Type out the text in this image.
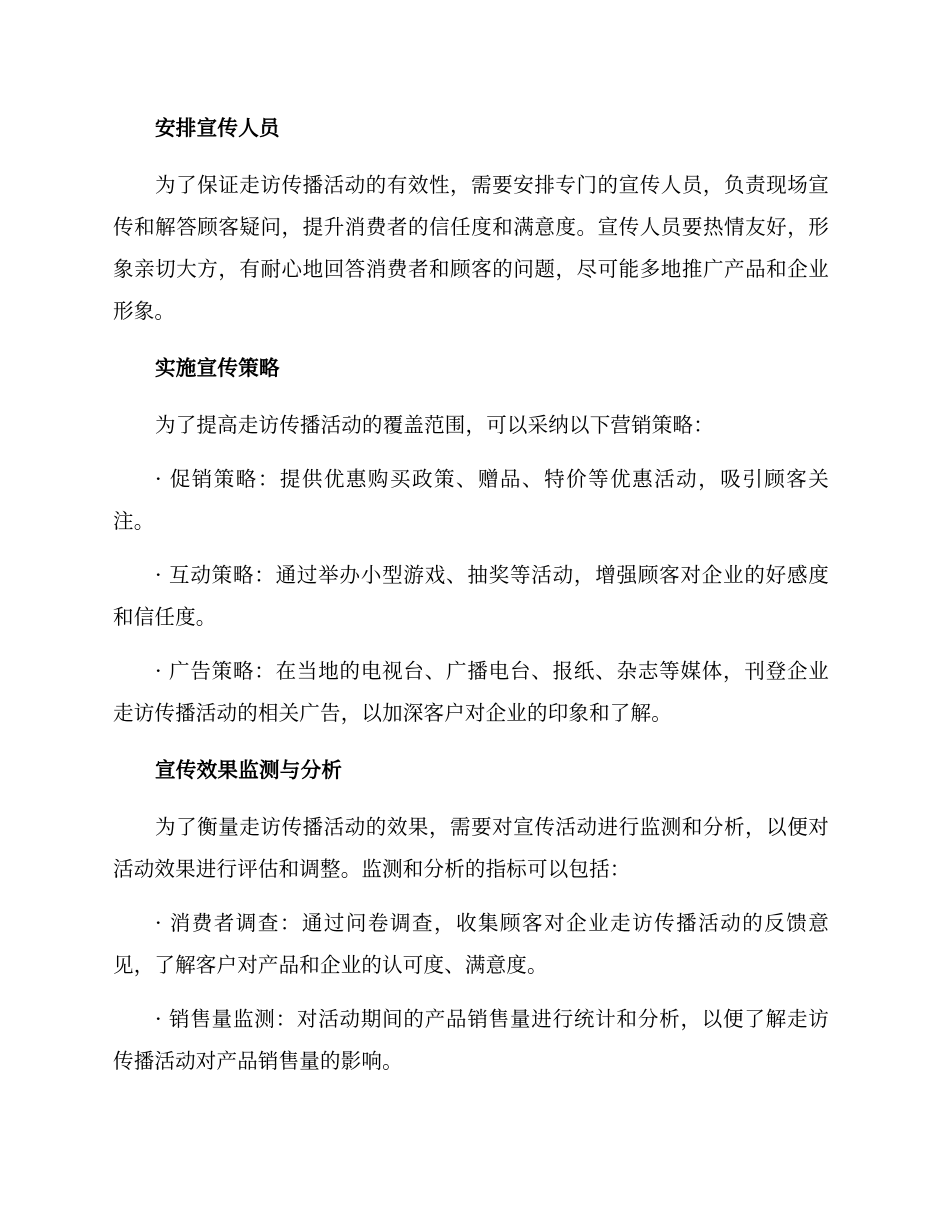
安排宣传人员

为了保证走访传播活动的有效性，需要安排专门的宣传人员，负责现场宣传和解答顾客疑问，提升消费者的信任度和满意度。宣传人员要热情友好，形象亲切大方，有耐心地回答消费者和顾客的问题，尽可能多地推广产品和企业形象。

实施宣传策略

为了提高走访传播活动的覆盖范围，可以采纳以下营销策略：

· 促销策略：提供优惠购买政策、赠品、特价等优惠活动，吸引顾客关注。

· 互动策略：通过举办小型游戏、抽奖等活动，增强顾客对企业的好感度和信任度。

· 广告策略：在当地的电视台、广播电台、报纸、杂志等媒体，刊登企业走访传播活动的相关广告，以加深客户对企业的印象和了解。

宣传效果监测与分析

为了衡量走访传播活动的效果，需要对宣传活动进行监测和分析，以便对活动效果进行评估和调整。监测和分析的指标可以包括：

· 消费者调查：通过问卷调查，收集顾客对企业走访传播活动的反馈意见，了解客户对产品和企业的认可度、满意度。

· 销售量监测：对活动期间的产品销售量进行统计和分析，以便了解走访传播活动对产品销售量的影响。
